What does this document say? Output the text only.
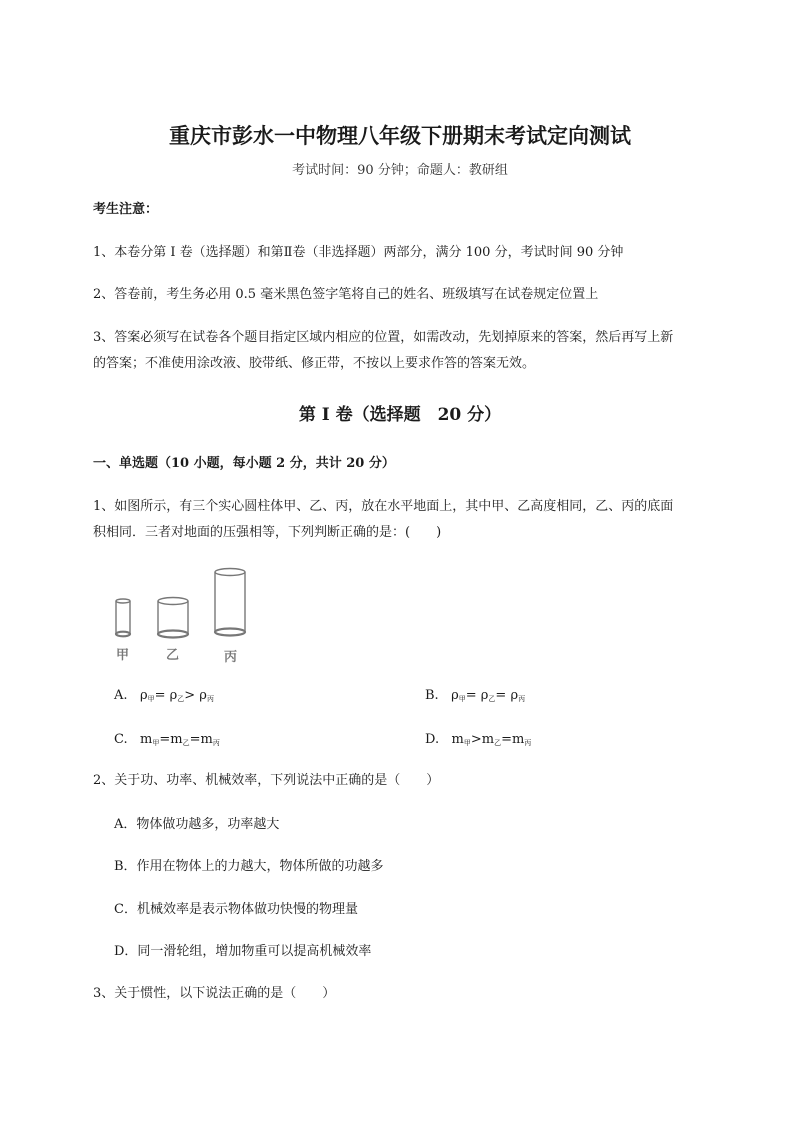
重庆市彭水一中物理八年级下册期末考试定向测试
考试时间：90 分钟；命题人：教研组
考生注意：
1、本卷分第 I 卷（选择题）和第Ⅱ卷（非选择题）两部分，满分 100 分，考试时间 90 分钟
2、答卷前，考生务必用 0.5 毫米黑色签字笔将自己的姓名、班级填写在试卷规定位置上
3、答案必须写在试卷各个题目指定区域内相应的位置，如需改动，先划掉原来的答案，然后再写上新
的答案；不准使用涂改液、胶带纸、修正带，不按以上要求作答的答案无效。
第 I 卷（选择题　20 分）
一、单选题（10 小题，每小题 2 分，共计 20 分）
1、如图所示，有三个实心圆柱体甲、乙、丙，放在水平地面上，其中甲、乙高度相同，乙、丙的底面
积相同．三者对地面的压强相等，下列判断正确的是：(　　)
甲	乙	丙
A. $\rho_甲= \rho_乙> \rho_丙$	B. $\rho_甲= \rho_乙= \rho_丙$
C. $m_甲=m_乙=m_丙$	D. $m_甲>m_乙=m_丙$
2、关于功、功率、机械效率，下列说法中正确的是（　　）
A．物体做功越多，功率越大
B．作用在物体上的力越大，物体所做的功越多
C．机械效率是表示物体做功快慢的物理量
D．同一滑轮组，增加物重可以提高机械效率
3、关于惯性，以下说法正确的是（　　）
